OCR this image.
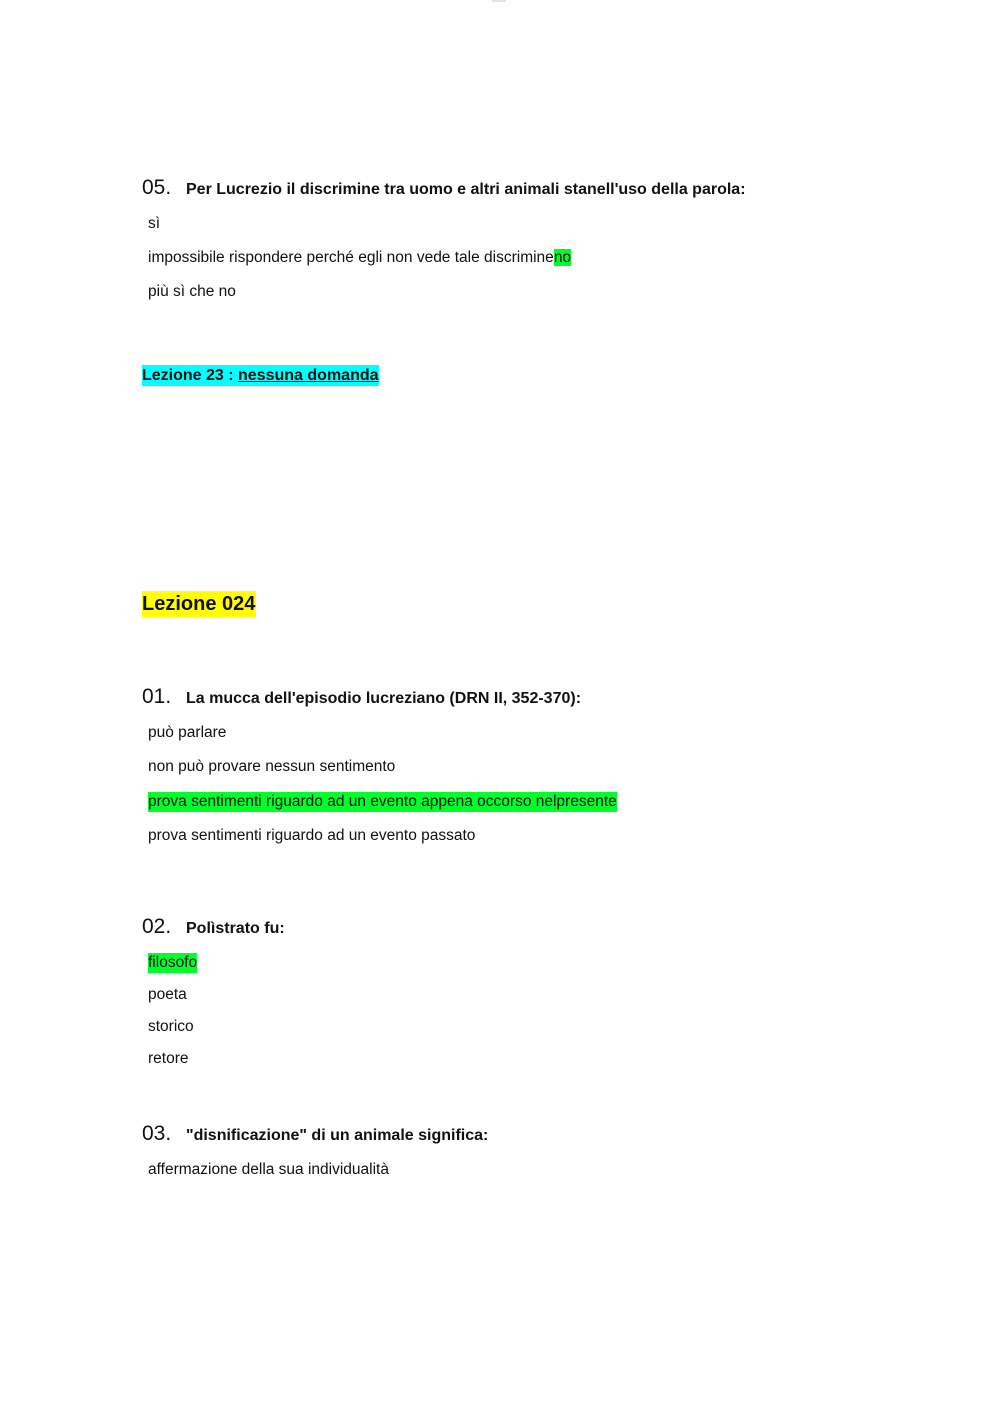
05. Per Lucrezio il discrimine tra uomo e altri animali stanell'uso della parola:
sì
impossibile rispondere perché egli non vede tale discrimineno
più sì che no
Lezione 23 : nessuna domanda
Lezione 024
01. La mucca dell'episodio lucreziano (DRN II, 352-370):
può parlare
non può provare nessun sentimento
prova sentimenti riguardo ad un evento appena occorso nelpresente
prova sentimenti riguardo ad un evento passato
02. Polìstrato fu:
filosofo
poeta
storico
retore
03. "disnificazione" di un animale significa:
affermazione della sua individualità
